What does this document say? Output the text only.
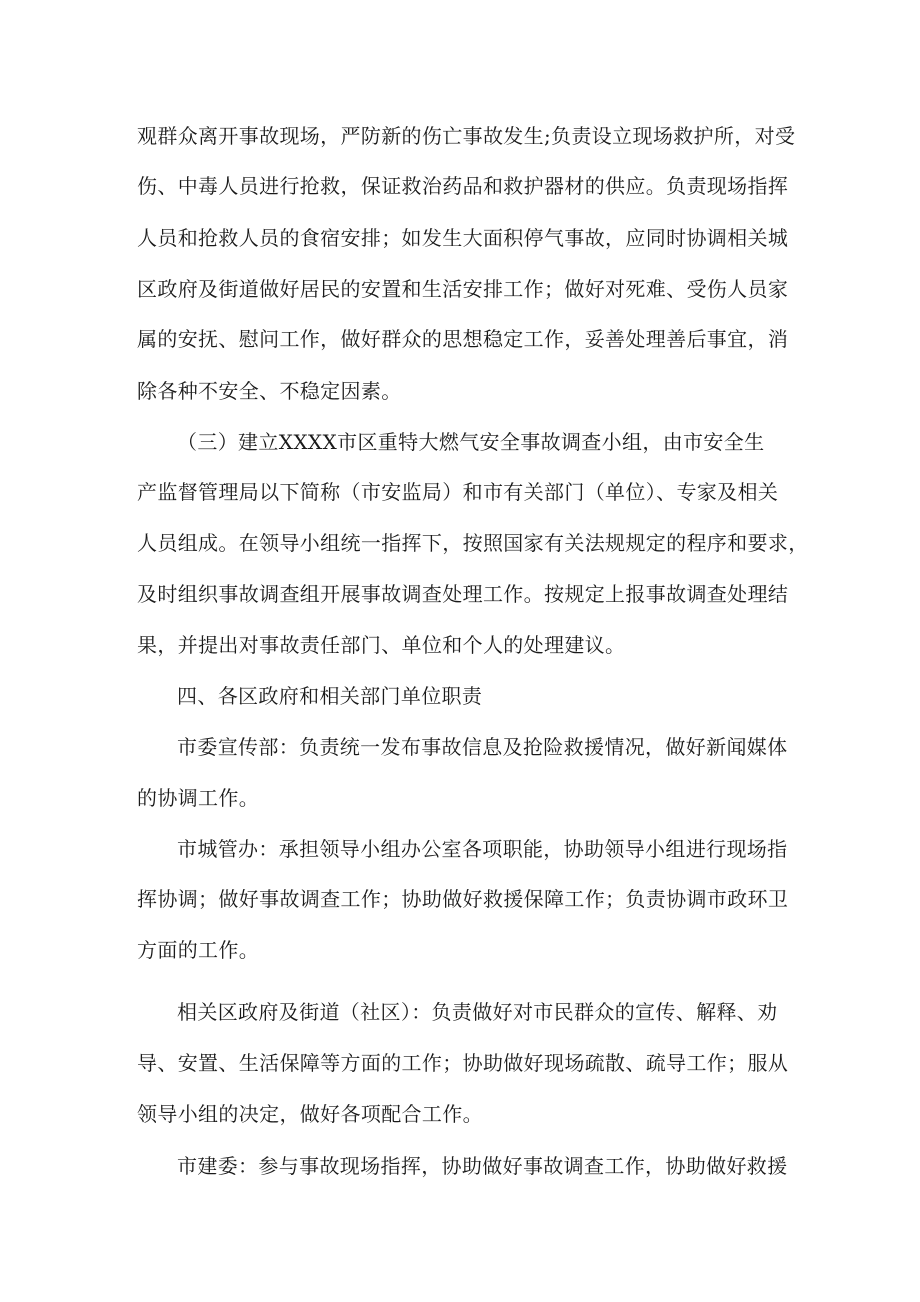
观群众离开事故现场，严防新的伤亡事故发生;负责设立现场救护所，对受

伤、中毒人员进行抢救，保证救治药品和救护器材的供应。负责现场指挥

人员和抢救人员的食宿安排；如发生大面积停气事故，应同时协调相关城

区政府及街道做好居民的安置和生活安排工作；做好对死难、受伤人员家

属的安抚、慰问工作，做好群众的思想稳定工作，妥善处理善后事宜，消

除各种不安全、不稳定因素。

（三）建立XXXX市区重特大燃气安全事故调查小组，由市安全生

产监督管理局以下简称（市安监局）和市有关部门（单位）、专家及相关

人员组成。在领导小组统一指挥下，按照国家有关法规规定的程序和要求，

及时组织事故调查组开展事故调查处理工作。按规定上报事故调查处理结

果，并提出对事故责任部门、单位和个人的处理建议。

四、各区政府和相关部门单位职责

市委宣传部：负责统一发布事故信息及抢险救援情况，做好新闻媒体

的协调工作。

市城管办：承担领导小组办公室各项职能，协助领导小组进行现场指

挥协调；做好事故调查工作；协助做好救援保障工作；负责协调市政环卫

方面的工作。

相关区政府及街道（社区）：负责做好对市民群众的宣传、解释、劝

导、安置、生活保障等方面的工作；协助做好现场疏散、疏导工作；服从

领导小组的决定，做好各项配合工作。

市建委：参与事故现场指挥，协助做好事故调查工作，协助做好救援
